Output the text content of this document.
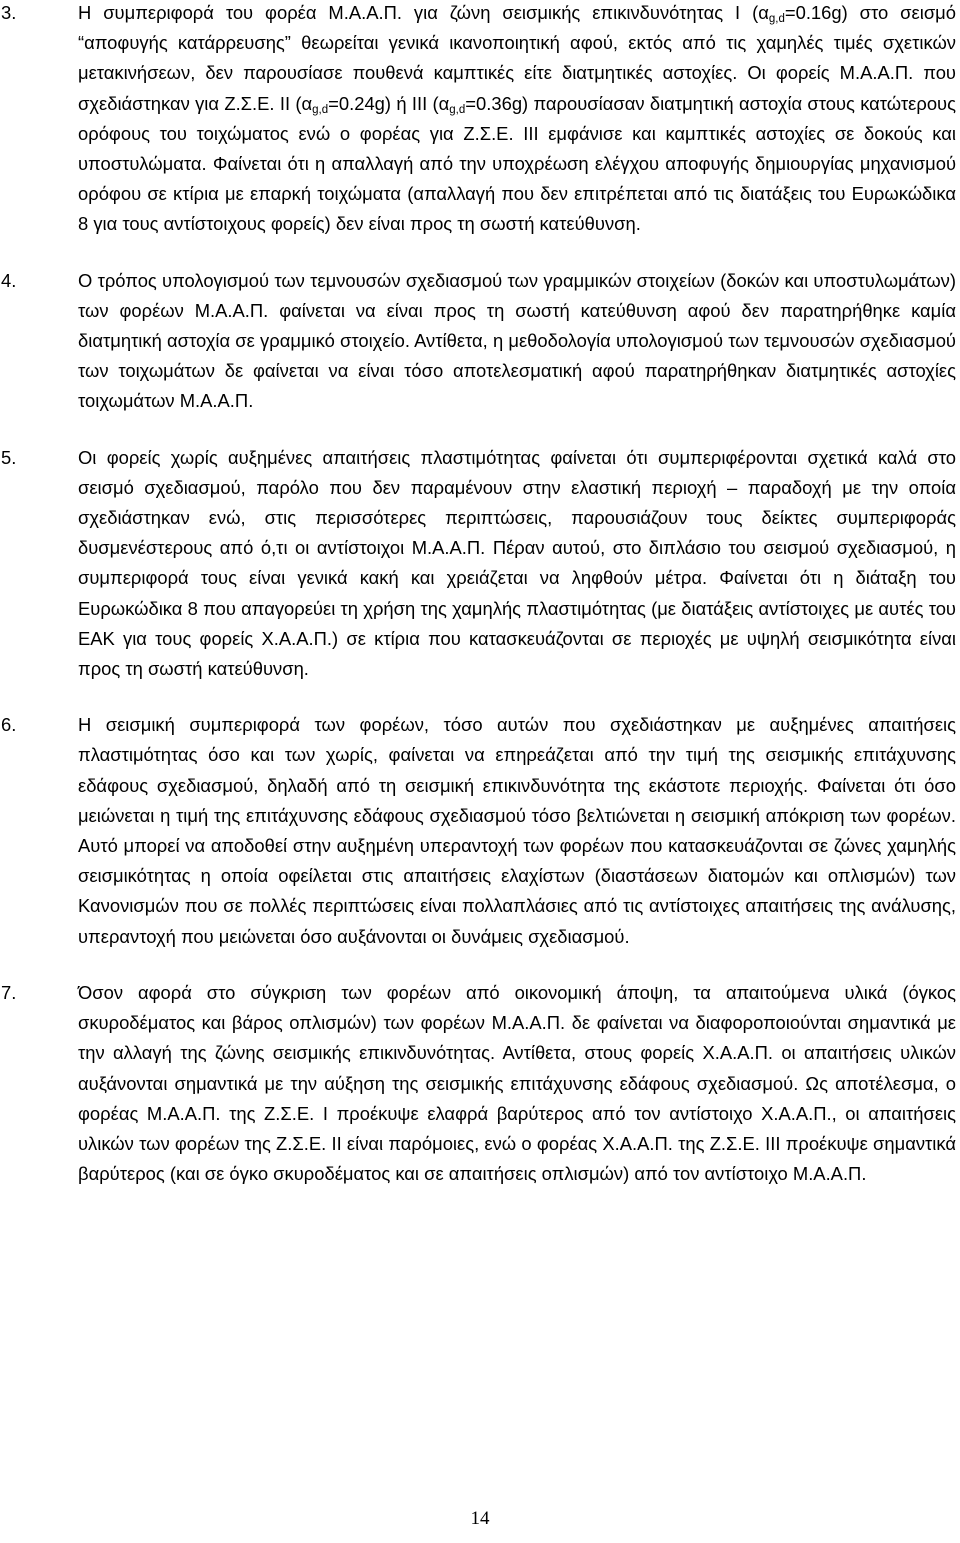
3.	Η συμπεριφορά του φορέα Μ.Α.Α.Π. για ζώνη σεισμικής επικινδυνότητας Ι $(\alpha_{g,d}=0.16g)$ στο σεισμό “αποφυγής κατάρρευσης” θεωρείται γενικά ικανοποιητική αφού, εκτός από τις χαμηλές τιμές σχετικών μετακινήσεων, δεν παρουσίασε πουθενά καμπτικές είτε διατμητικές αστοχίες. Οι φορείς Μ.Α.Α.Π. που σχεδιάστηκαν για Ζ.Σ.Ε. ΙΙ $(\alpha_{g,d}=0.24g)$ ή ΙΙΙ $(\alpha_{g,d}=0.36g)$ παρουσίασαν διατμητική αστοχία στους κατώτερους ορόφους του τοιχώματος ενώ ο φορέας για Ζ.Σ.Ε. ΙΙΙ εμφάνισε και καμπτικές αστοχίες σε δοκούς και υποστυλώματα. Φαίνεται ότι η απαλλαγή από την υποχρέωση ελέγχου αποφυγής δημιουργίας μηχανισμού ορόφου σε κτίρια με επαρκή τοιχώματα (απαλλαγή που δεν επιτρέπεται από τις διατάξεις του Ευρωκώδικα 8 για τους αντίστοιχους φορείς) δεν είναι προς τη σωστή κατεύθυνση.
4.	Ο τρόπος υπολογισμού των τεμνουσών σχεδιασμού των γραμμικών στοιχείων (δοκών και υποστυλωμάτων) των φορέων Μ.Α.Α.Π. φαίνεται να είναι προς τη σωστή κατεύθυνση αφού δεν παρατηρήθηκε καμία διατμητική αστοχία σε γραμμικό στοιχείο. Αντίθετα, η μεθοδολογία υπολογισμού των τεμνουσών σχεδιασμού των τοιχωμάτων δε φαίνεται να είναι τόσο αποτελεσματική αφού παρατηρήθηκαν διατμητικές αστοχίες τοιχωμάτων Μ.Α.Α.Π.
5.	Οι φορείς χωρίς αυξημένες απαιτήσεις πλαστιμότητας φαίνεται ότι συμπεριφέρονται σχετικά καλά στο σεισμό σχεδιασμού, παρόλο που δεν παραμένουν στην ελαστική περιοχή – παραδοχή με την οποία σχεδιάστηκαν ενώ, στις περισσότερες περιπτώσεις, παρουσιάζουν τους δείκτες συμπεριφοράς δυσμενέστερους από ό,τι οι αντίστοιχοι Μ.Α.Α.Π. Πέραν αυτού, στο διπλάσιο του σεισμού σχεδιασμού, η συμπεριφορά τους είναι γενικά κακή και χρειάζεται να ληφθούν μέτρα. Φαίνεται ότι η διάταξη του Ευρωκώδικα 8 που απαγορεύει τη χρήση της χαμηλής πλαστιμότητας (με διατάξεις αντίστοιχες με αυτές του ΕΑΚ για τους φορείς Χ.Α.Α.Π.) σε κτίρια που κατασκευάζονται σε περιοχές με υψηλή σεισμικότητα είναι προς τη σωστή κατεύθυνση.
6.	Η σεισμική συμπεριφορά των φορέων, τόσο αυτών που σχεδιάστηκαν με αυξημένες απαιτήσεις πλαστιμότητας όσο και των χωρίς, φαίνεται να επηρεάζεται από την τιμή της σεισμικής επιτάχυνσης εδάφους σχεδιασμού, δηλαδή από τη σεισμική επικινδυνότητα της εκάστοτε περιοχής. Φαίνεται ότι όσο μειώνεται η τιμή της επιτάχυνσης εδάφους σχεδιασμού τόσο βελτιώνεται η σεισμική απόκριση των φορέων. Αυτό μπορεί να αποδοθεί στην αυξημένη υπεραντοχή των φορέων που κατασκευάζονται σε ζώνες χαμηλής σεισμικότητας η οποία οφείλεται στις απαιτήσεις ελαχίστων (διαστάσεων διατομών και οπλισμών) των Κανονισμών που σε πολλές περιπτώσεις είναι πολλαπλάσιες από τις αντίστοιχες απαιτήσεις της ανάλυσης, υπεραντοχή που μειώνεται όσο αυξάνονται οι δυνάμεις σχεδιασμού.
7.	Όσον αφορά στο σύγκριση των φορέων από οικονομική άποψη, τα απαιτούμενα υλικά (όγκος σκυροδέματος και βάρος οπλισμών) των φορέων Μ.Α.Α.Π. δε φαίνεται να διαφοροποιούνται σημαντικά με την αλλαγή της ζώνης σεισμικής επικινδυνότητας. Αντίθετα, στους φορείς Χ.Α.Α.Π. οι απαιτήσεις υλικών αυξάνονται σημαντικά με την αύξηση της σεισμικής επιτάχυνσης εδάφους σχεδιασμού. Ως αποτέλεσμα, ο φορέας Μ.Α.Α.Π. της Ζ.Σ.Ε. Ι προέκυψε ελαφρά βαρύτερος από τον αντίστοιχο Χ.Α.Α.Π., οι απαιτήσεις υλικών των φορέων της Ζ.Σ.Ε. ΙΙ είναι παρόμοιες, ενώ ο φορέας Χ.Α.Α.Π. της Ζ.Σ.Ε. ΙΙΙ προέκυψε σημαντικά βαρύτερος (και σε όγκο σκυροδέματος και σε απαιτήσεις οπλισμών) από τον αντίστοιχο Μ.Α.Α.Π.
14
